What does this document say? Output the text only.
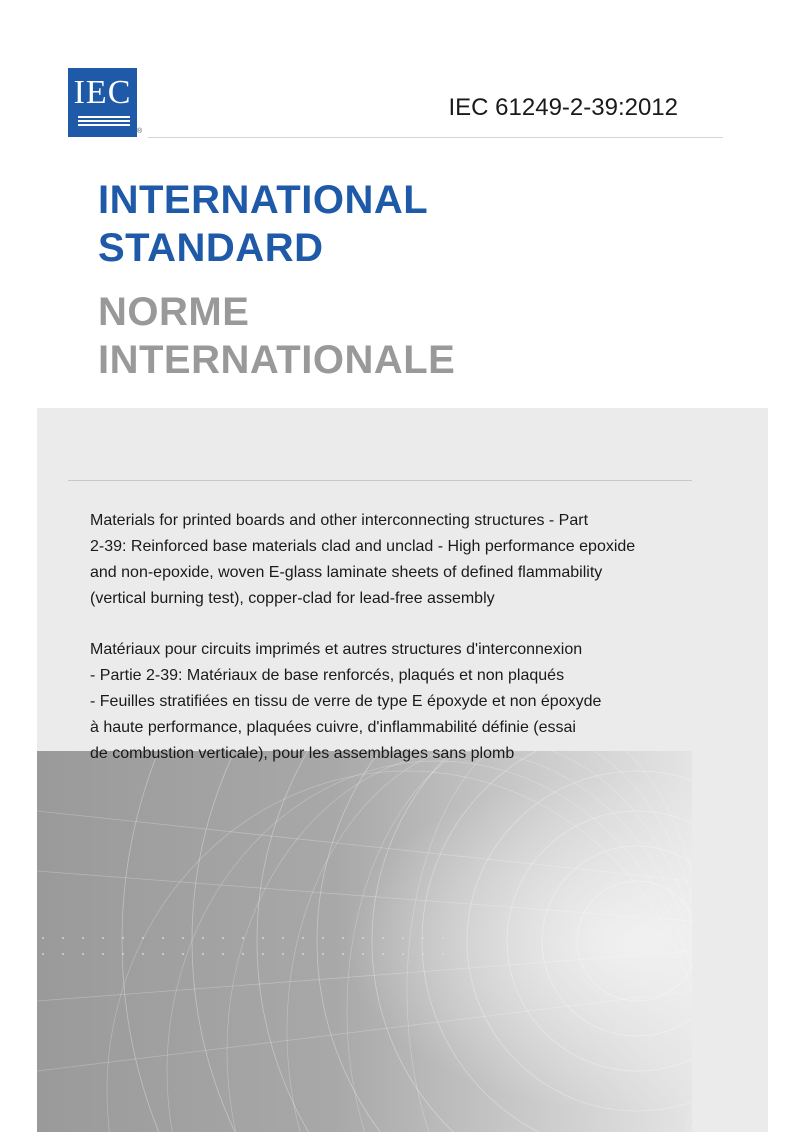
IEC
®
IEC 61249-2-39:2012
INTERNATIONAL
STANDARD
NORME
INTERNATIONALE
Materials for printed boards and other interconnecting structures - Part
2-39: Reinforced base materials clad and unclad - High performance epoxide
and non-epoxide, woven E-glass laminate sheets of defined flammability
(vertical burning test), copper-clad for lead-free assembly
Matériaux pour circuits imprimés et autres structures d'interconnexion
- Partie 2-39: Matériaux de base renforcés, plaqués et non plaqués
- Feuilles stratifiées en tissu de verre de type E époxyde et non époxyde
à haute performance, plaquées cuivre, d'inflammabilité définie (essai
de combustion verticale), pour les assemblages sans plomb
